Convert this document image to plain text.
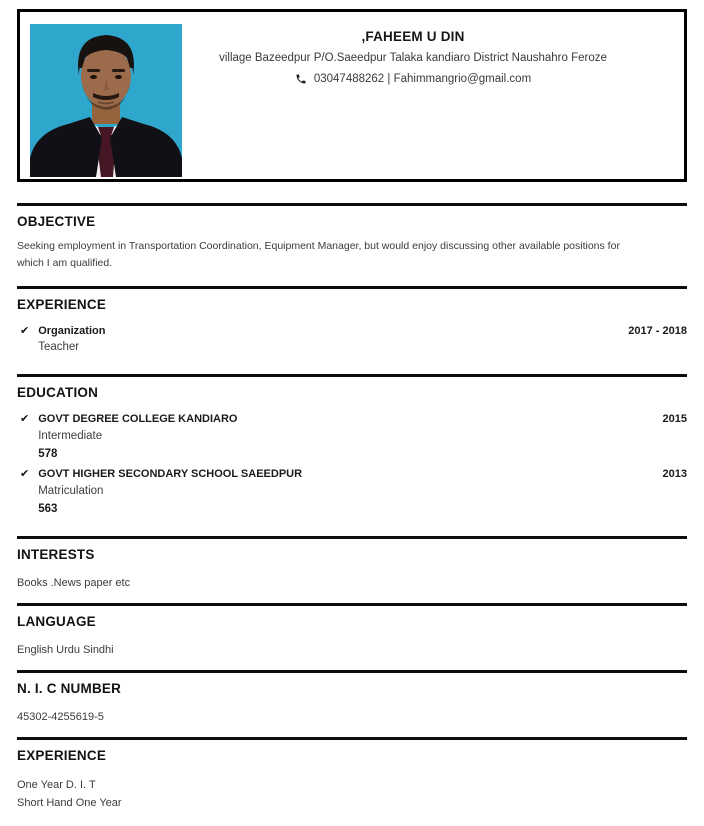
,FAHEEM U DIN
village Bazeedpur P/O.Saeedpur Talaka kandiaro District Naushahro Feroze
03047488262 | Fahimmangrio@gmail.com
OBJECTIVE
Seeking employment in Transportation Coordination, Equipment Manager, but would enjoy discussing other available positions for which I am qualified.
EXPERIENCE
✔ Organization
Teacher
2017 - 2018
EDUCATION
✔ GOVT DEGREE COLLEGE KANDIARO
Intermediate
578
2015
✔ GOVT HIGHER SECONDARY SCHOOL SAEEDPUR
Matriculation
563
2013
INTERESTS
Books .News paper etc
LANGUAGE
English Urdu Sindhi
N. I. C NUMBER
45302-4255619-5
EXPERIENCE
One Year D. I. T
Short Hand One Year
